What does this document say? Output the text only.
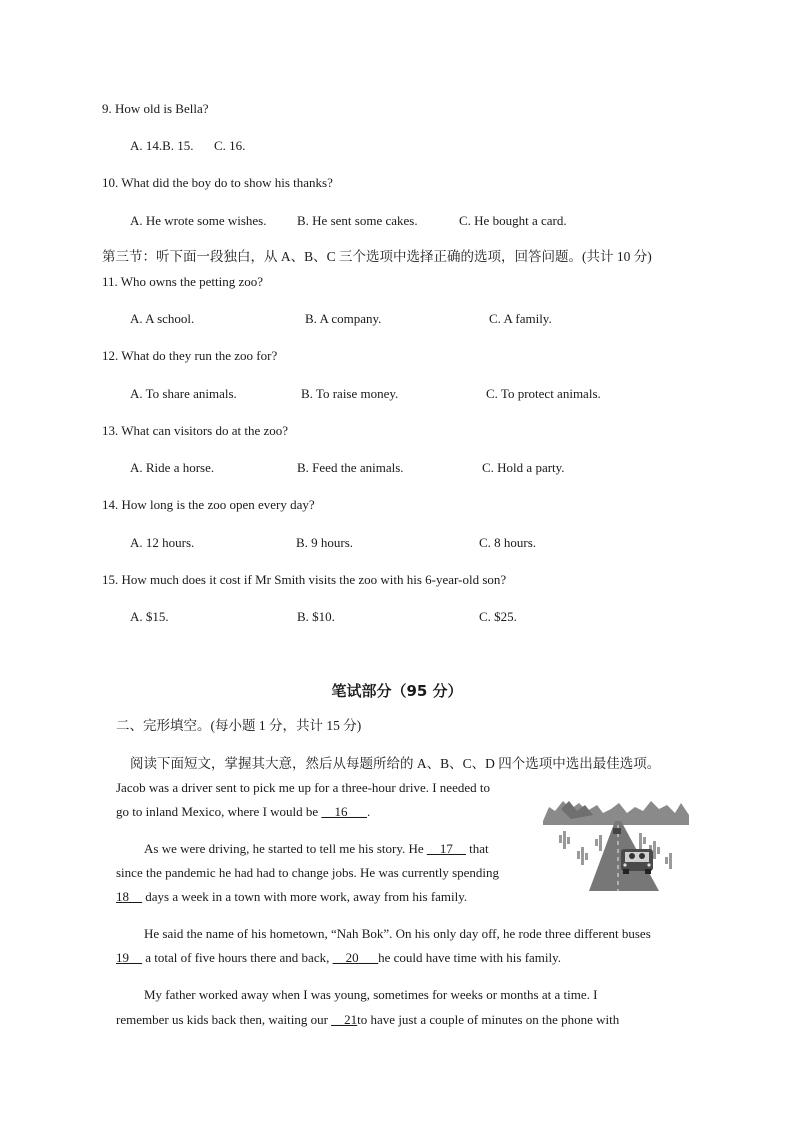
9. How old is Bella?
A. 14.B. 15. C. 16.
10. What did the boy do to show his thanks?
A. He wrote some wishes. B. He sent some cakes.	C. He bought a card.
第三节：听下面一段独白，从 A、B、C 三个选项中选择正确的选项，回答问题。(共计 10 分)
11. Who owns the petting zoo?
A. A school.	B. A company.	C. A family.
12. What do they run the zoo for?
A. To share animals.	B. To raise money.	C. To protect animals.
13. What can visitors do at the zoo?
A. Ride a horse.	B. Feed the animals.	C. Hold a party.
14. How long is the zoo open every day?
A. 12 hours.	B. 9 hours.	C. 8 hours.
15. How much does it cost if Mr Smith visits the zoo with his 6-year-old son?
A. $15.	B. $10.	C. $25.
笔试部分（95 分）
二、完形填空。(每小题 1 分，共计 15 分)
阅读下面短文，掌握其大意，然后从每题所给的 A、B、C、D 四个选项中选出最佳选项。
Jacob was a driver sent to pick me up for a three-hour drive. I needed to
go to inland Mexico, where I would be __16___.
As we were driving, he started to tell me his story. He __17__ that
since the pandemic he had had to change jobs. He was currently spending
18__ days a week in a town with more work, away from his family.
He said the name of his hometown, “Nah Bok”. On his only day off, he rode three different buses
19__ a total of five hours there and back, __20___he could have time with his family.
My father worked away when I was young, sometimes for weeks or months at a time. I
remember us kids back then, waiting our __21to have just a couple of minutes on the phone with
